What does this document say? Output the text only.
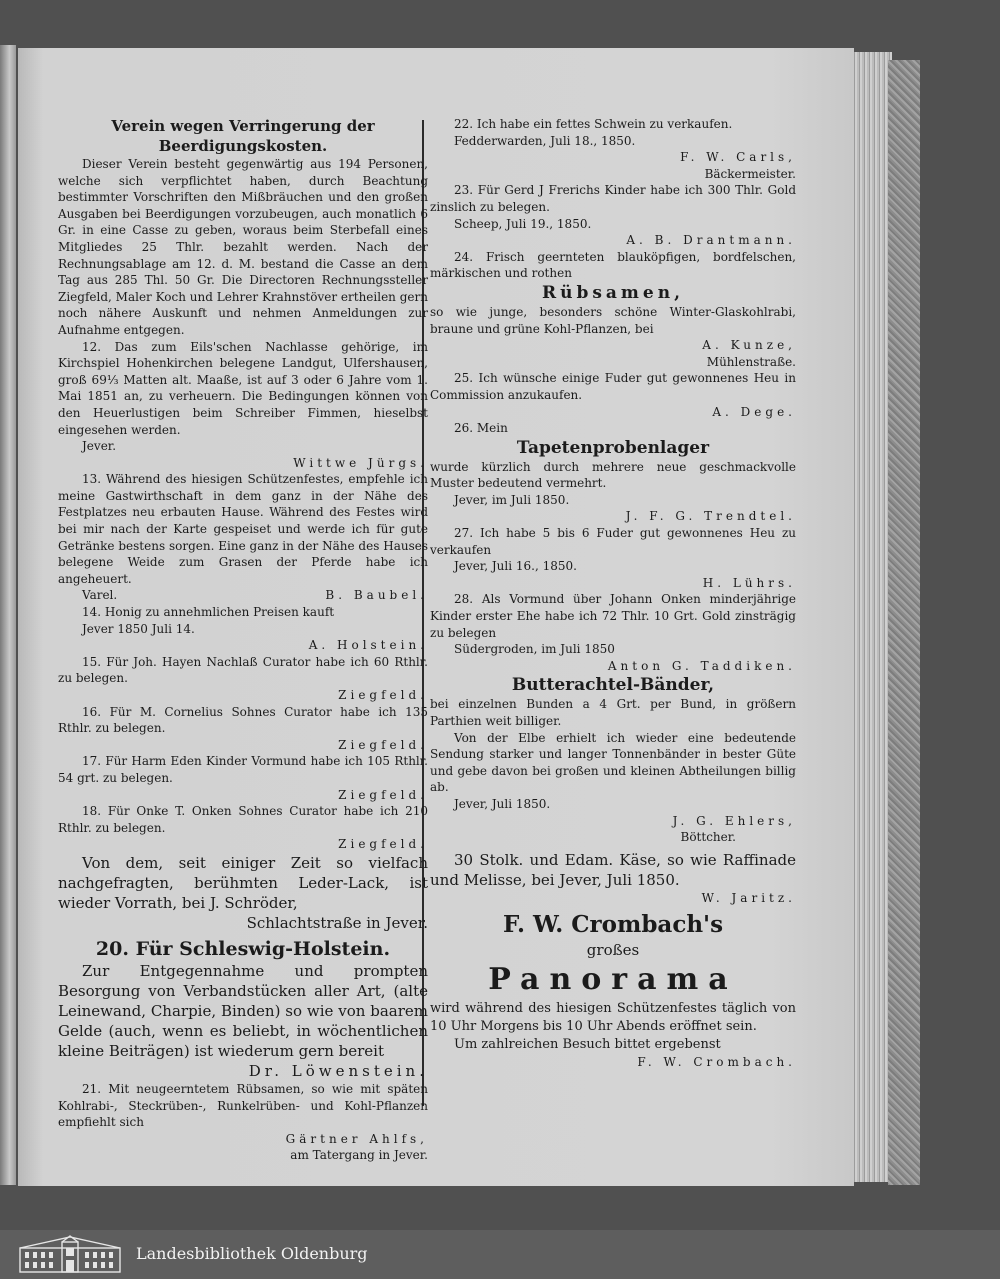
Verein wegen Verringerung der Beerdigungskosten.

Dieser Verein besteht gegenwärtig aus 194 Personen, welche sich verpflichtet haben, durch Beachtung bestimmter Vorschriften den Mißbräuchen und den großen Ausgaben bei Beerdigungen vorzubeugen, auch monatlich 6 Gr. in eine Casse zu geben, woraus beim Sterbefall eines Mitgliedes 25 Thlr. bezahlt werden. Nach der Rechnungsablage am 12. d. M. bestand die Casse an dem Tag aus 285 Thl. 50 Gr. Die Directoren Rechnungssteller Ziegfeld, Maler Koch und Lehrer Krahnstöver ertheilen gern noch nähere Auskunft und nehmen Anmeldungen zur Aufnahme entgegen.

12. Das zum Eils'schen Nachlasse gehörige, im Kirchspiel Hohenkirchen belegene Landgut, Ulfershausen, groß 69⅓ Matten alt. Maaße, ist auf 3 oder 6 Jahre vom 1. Mai 1851 an, zu verheuern. Die Bedingungen können von den Heuerlustigen beim Schreiber Fimmen, hieselbst eingesehen werden.

Jever.

Wittwe Jürgs.

13. Während des hiesigen Schützenfestes, empfehle ich meine Gastwirthschaft in dem ganz in der Nähe des Festplatzes neu erbauten Hause. Während des Festes wird bei mir nach der Karte gespeiset und werde ich für gute Getränke bestens sorgen. Eine ganz in der Nähe des Hauses belegene Weide zum Grasen der Pferde habe ich angeheuert.

Varel.	B. Baubel.

14. Honig zu annehmlichen Preisen kauft

Jever 1850 Juli 14.

A. Holstein.

15. Für Joh. Hayen Nachlaß Curator habe ich 60 Rthlr. zu belegen.

Ziegfeld.

16. Für M. Cornelius Sohnes Curator habe ich 135 Rthlr. zu belegen.

Ziegfeld.

17. Für Harm Eden Kinder Vormund habe ich 105 Rthlr. 54 grt. zu belegen.

Ziegfeld.

18. Für Onke T. Onken Sohnes Curator habe ich 210 Rthlr. zu belegen.

Ziegfeld.

Von dem, seit einiger Zeit so vielfach nachgefragten, berühmten Leder-Lack, ist wieder Vorrath, bei J. Schröder,

Schlachtstraße in Jever.

20. Für Schleswig-Holstein.

Zur Entgegennahme und prompten Besorgung von Verbandstücken aller Art, (alte Leinewand, Charpie, Binden) so wie von baarem Gelde (auch, wenn es beliebt, in wöchentlichen kleine Beiträgen) ist wiederum gern bereit

Dr. Löwenstein.

21. Mit neugeerntetem Rübsamen, so wie mit späten Kohlrabi-, Steckrüben-, Runkelrüben- und Kohl-Pflanzen empfiehlt sich

Gärtner Ahlfs,

am Tatergang in Jever.

22. Ich habe ein fettes Schwein zu verkaufen.

Fedderwarden, Juli 18., 1850.

F. W. Carls,

Bäckermeister.

23. Für Gerd J Frerichs Kinder habe ich 300 Thlr. Gold zinslich zu belegen.

Scheep, Juli 19., 1850.

A. B. Drantmann.

24. Frisch geernteten blauköpfigen, bordfelschen, märkischen und rothen

Rübsamen,

so wie junge, besonders schöne Winter-Glaskohlrabi, braune und grüne Kohl-Pflanzen, bei

A. Kunze,

Mühlenstraße.

25. Ich wünsche einige Fuder gut gewonnenes Heu in Commission anzukaufen.

A. Dege.

26. Mein

Tapetenprobenlager

wurde kürzlich durch mehrere neue geschmackvolle Muster bedeutend vermehrt.

Jever, im Juli 1850.

J. F. G. Trendtel.

27. Ich habe 5 bis 6 Fuder gut gewonnenes Heu zu verkaufen

Jever, Juli 16., 1850.

H. Lührs.

28. Als Vormund über Johann Onken minderjährige Kinder erster Ehe habe ich 72 Thlr. 10 Grt. Gold zinsträgig zu belegen

Südergroden, im Juli 1850

Anton G. Taddiken.

Butterachtel-Bänder,

bei einzelnen Bunden a 4 Grt. per Bund, in größern Parthien weit billiger.

Von der Elbe erhielt ich wieder eine bedeutende Sendung starker und langer Tonnenbänder in bester Güte und gebe davon bei großen und kleinen Abtheilungen billig ab.

Jever, Juli 1850.

J. G. Ehlers,

Böttcher.

30 Stolk. und Edam. Käse, so wie Raffinade und Melisse, bei Jever, Juli 1850.

W. Jaritz.

F. W. Crombach's

großes

Panorama

wird während des hiesigen Schützenfestes täglich von 10 Uhr Morgens bis 10 Uhr Abends eröffnet sein.

Um zahlreichen Besuch bittet ergebenst

F. W. Crombach.

Landesbibliothek Oldenburg
